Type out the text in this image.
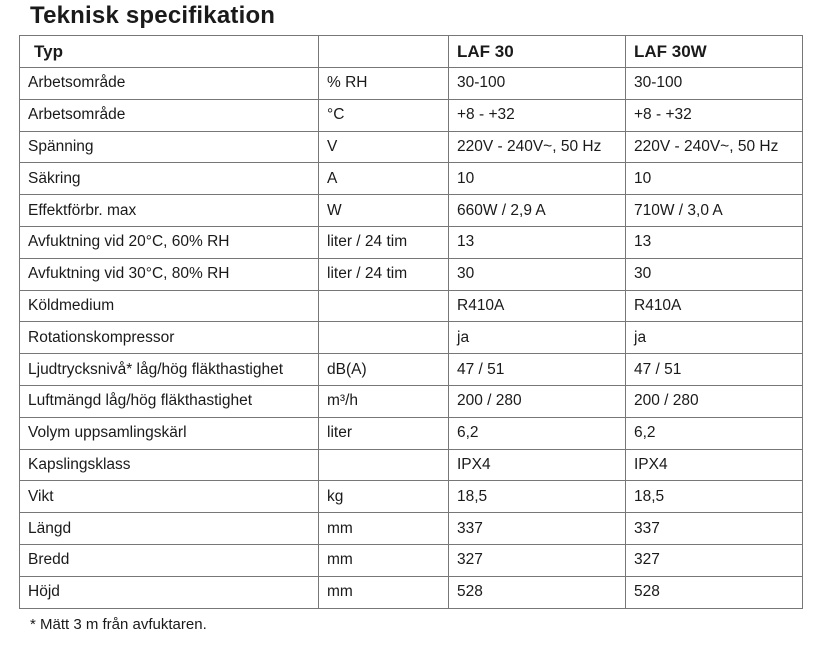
Teknisk specifikation
Typ		LAF 30	LAF 30W
Arbetsområde	% RH	30-100	30-100
Arbetsområde	°C	+8 - +32	+8 - +32
Spänning	V	220V - 240V~, 50 Hz	220V - 240V~, 50 Hz
Säkring	A	10	10
Effektförbr. max	W	660W / 2,9 A	710W / 3,0 A
Avfuktning vid 20°C, 60% RH	liter / 24 tim	13	13
Avfuktning vid 30°C, 80% RH	liter / 24 tim	30	30
Köldmedium		R410A	R410A
Rotationskompressor		ja	ja
Ljudtrycksnivå* låg/hög fläkthastighet	dB(A)	47 / 51	47 / 51
Luftmängd låg/hög fläkthastighet	m³/h	200 / 280	200 / 280
Volym uppsamlingskärl	liter	6,2	6,2
Kapslingsklass		IPX4	IPX4
Vikt	kg	18,5	18,5
Längd	mm	337	337
Bredd	mm	327	327
Höjd	mm	528	528
* Mätt 3 m från avfuktaren.
